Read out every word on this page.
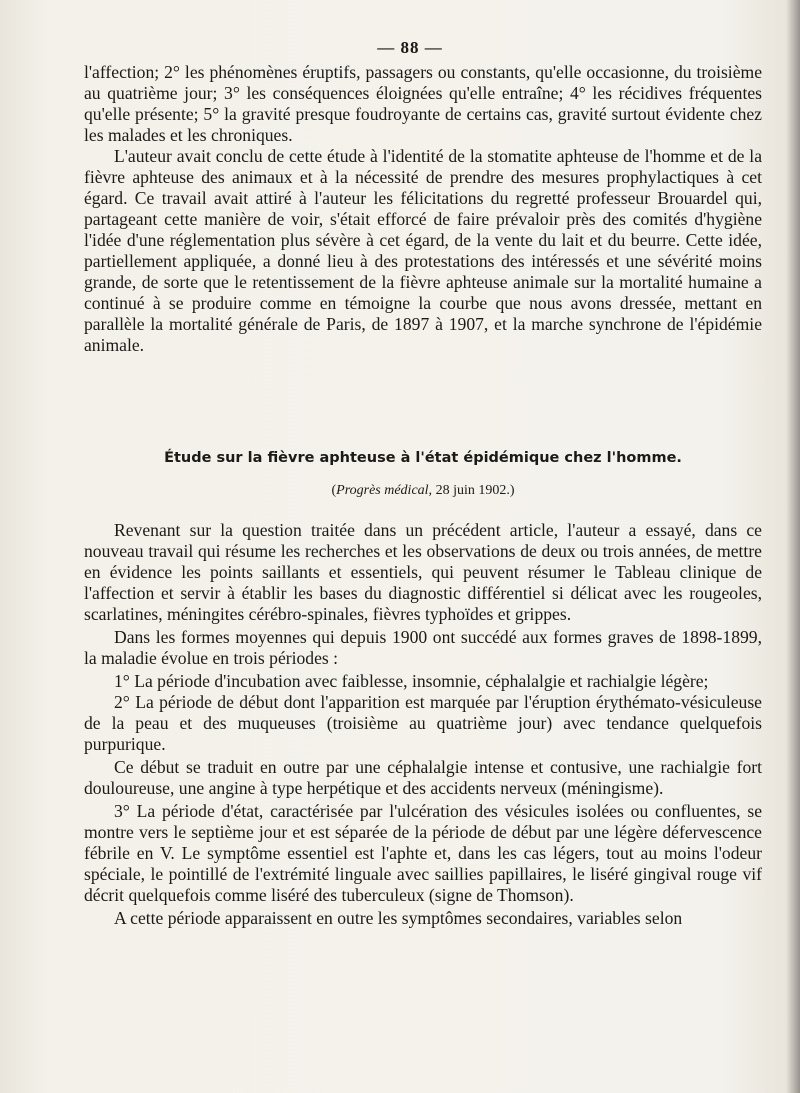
— 88 —

l'affection; 2° les phénomènes éruptifs, passagers ou constants, qu'elle occasionne, du troisième au quatrième jour; 3° les conséquences éloignées qu'elle entraîne; 4° les récidives fréquentes qu'elle présente; 5° la gravité presque foudroyante de certains cas, gravité surtout évidente chez les malades et les chroniques.

L'auteur avait conclu de cette étude à l'identité de la stomatite aphteuse de l'homme et de la fièvre aphteuse des animaux et à la nécessité de prendre des mesures prophylactiques à cet égard. Ce travail avait attiré à l'auteur les félicitations du regretté professeur Brouardel qui, partageant cette manière de voir, s'était efforcé de faire prévaloir près des comités d'hygiène l'idée d'une réglementation plus sévère à cet égard, de la vente du lait et du beurre. Cette idée, partiellement appliquée, a donné lieu à des protestations des intéressés et une sévérité moins grande, de sorte que le retentissement de la fièvre aphteuse animale sur la mortalité humaine a continué à se produire comme en témoigne la courbe que nous avons dressée, mettant en parallèle la mortalité générale de Paris, de 1897 à 1907, et la marche synchrone de l'épidémie animale.

Étude sur la fièvre aphteuse à l'état épidémique chez l'homme.
(Progrès médical, 28 juin 1902.)

Revenant sur la question traitée dans un précédent article, l'auteur a essayé, dans ce nouveau travail qui résume les recherches et les observations de deux ou trois années, de mettre en évidence les points saillants et essentiels, qui peuvent résumer le Tableau clinique de l'affection et servir à établir les bases du diagnostic différentiel si délicat avec les rougeoles, scarlatines, méningites cérébro-spinales, fièvres typhoïdes et grippes.

Dans les formes moyennes qui depuis 1900 ont succédé aux formes graves de 1898-1899, la maladie évolue en trois périodes :

1° La période d'incubation avec faiblesse, insomnie, céphalalgie et rachialgie légère;

2° La période de début dont l'apparition est marquée par l'éruption érythémato-vésiculeuse de la peau et des muqueuses (troisième au quatrième jour) avec tendance quelquefois purpurique.

Ce début se traduit en outre par une céphalalgie intense et contusive, une rachialgie fort douloureuse, une angine à type herpétique et des accidents nerveux (méningisme).

3° La période d'état, caractérisée par l'ulcération des vésicules isolées ou confluentes, se montre vers le septième jour et est séparée de la période de début par une légère défervescence fébrile en V. Le symptôme essentiel est l'aphte et, dans les cas légers, tout au moins l'odeur spéciale, le pointillé de l'extrémité linguale avec saillies papillaires, le liséré gingival rouge vif décrit quelquefois comme liséré des tuberculeux (signe de Thomson).

A cette période apparaissent en outre les symptômes secondaires, variables selon
